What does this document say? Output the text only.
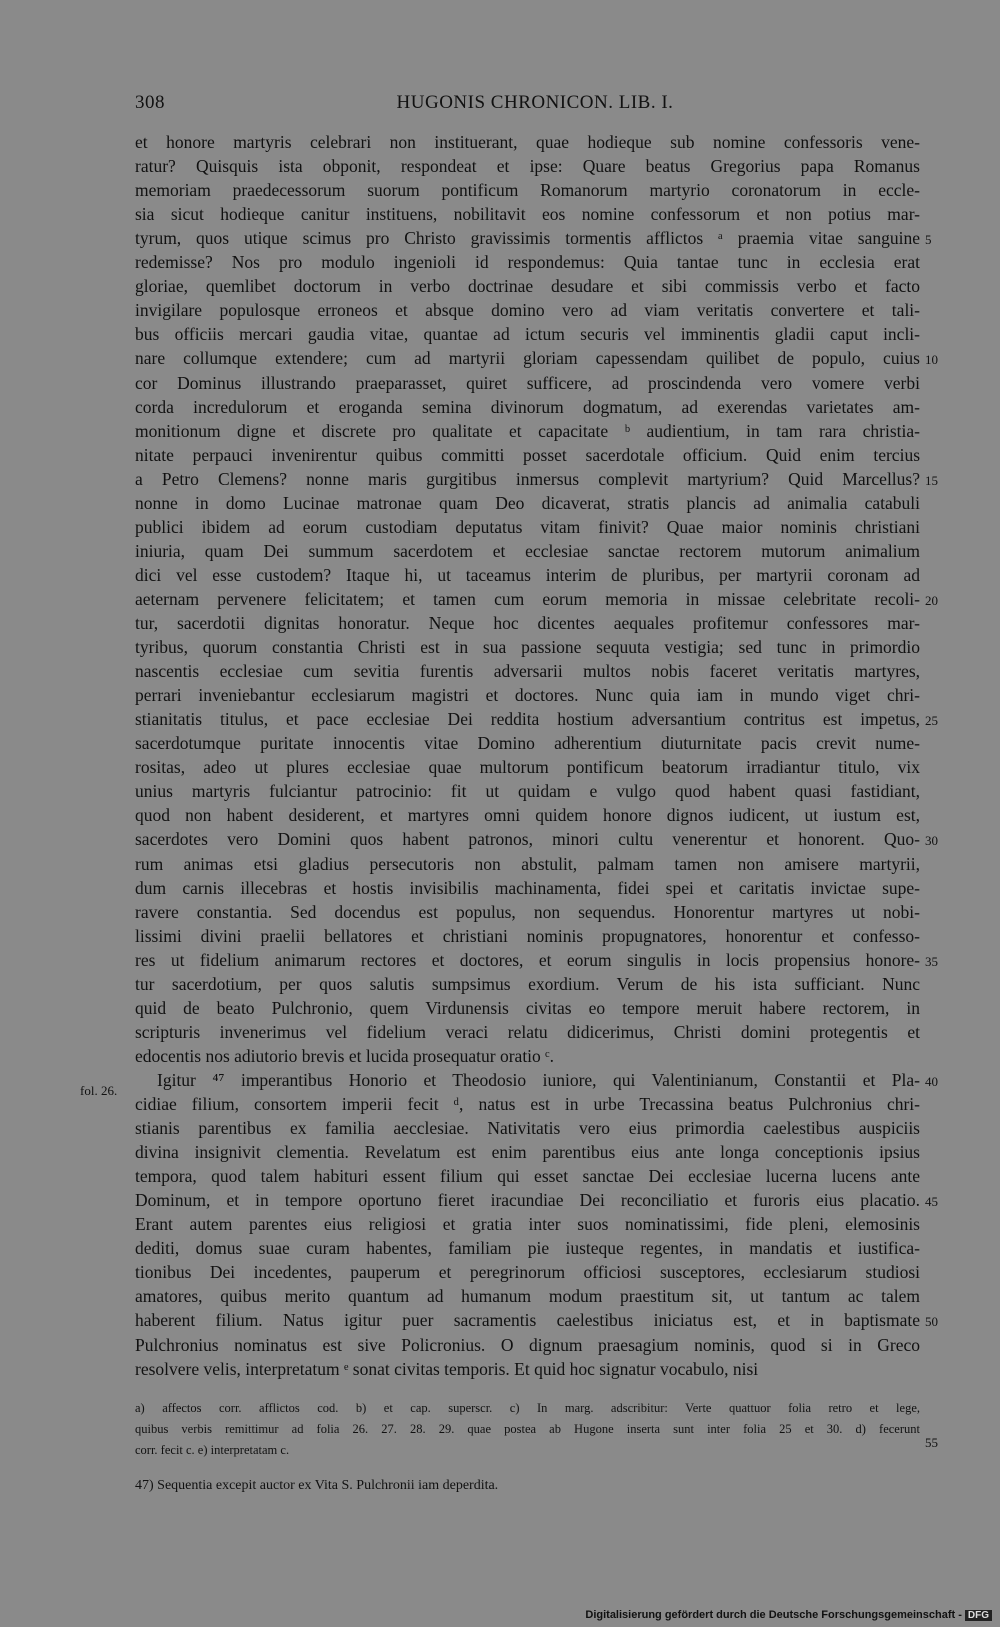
308	HUGONIS CHRONICON. LIB. I.
et honore martyris celebrari non instituerant, quae hodieque sub nomine confessoris vene-
ratur? Quisquis ista obponit, respondeat et ipse: Quare beatus Gregorius papa Romanus
memoriam praedecessorum suorum pontificum Romanorum martyrio coronatorum in eccle-
sia sicut hodieque canitur instituens, nobilitavit eos nomine confessorum et non potius mar-
tyrum, quos utique scimus pro Christo gravissimis tormentis afflictos ᵃ praemia vitae sanguine
redemisse? Nos pro modulo ingenioli id respondemus: Quia tantae tunc in ecclesia erat
gloriae, quemlibet doctorum in verbo doctrinae desudare et sibi commissis verbo et facto
invigilare populosque erroneos et absque domino vero ad viam veritatis convertere et tali-
bus officiis mercari gaudia vitae, quantae ad ictum securis vel imminentis gladii caput incli-
nare collumque extendere; cum ad martyrii gloriam capessendam quilibet de populo, cuius
cor Dominus illustrando praeparasset, quiret sufficere, ad proscindenda vero vomere verbi
corda incredulorum et eroganda semina divinorum dogmatum, ad exerendas varietates am-
monitionum digne et discrete pro qualitate et capacitate ᵇ audientium, in tam rara christia-
nitate perpauci invenirentur quibus committi posset sacerdotale officium. Quid enim tercius
a Petro Clemens? nonne maris gurgitibus inmersus complevit martyrium? Quid Marcellus?
nonne in domo Lucinae matronae quam Deo dicaverat, stratis plancis ad animalia catabuli
publici ibidem ad eorum custodiam deputatus vitam finivit? Quae maior nominis christiani
iniuria, quam Dei summum sacerdotem et ecclesiae sanctae rectorem mutorum animalium
dici vel esse custodem? Itaque hi, ut taceamus interim de pluribus, per martyrii coronam ad
aeternam pervenere felicitatem; et tamen cum eorum memoria in missae celebritate recoli-
tur, sacerdotii dignitas honoratur. Neque hoc dicentes aequales profitemur confessores mar-
tyribus, quorum constantia Christi est in sua passione sequuta vestigia; sed tunc in primordio
nascentis ecclesiae cum sevitia furentis adversarii multos nobis faceret veritatis martyres,
perrari inveniebantur ecclesiarum magistri et doctores. Nunc quia iam in mundo viget chri-
stianitatis titulus, et pace ecclesiae Dei reddita hostium adversantium contritus est impetus,
sacerdotumque puritate innocentis vitae Domino adherentium diuturnitate pacis crevit nume-
rositas, adeo ut plures ecclesiae quae multorum pontificum beatorum irradiantur titulo, vix
unius martyris fulciantur patrocinio: fit ut quidam e vulgo quod habent quasi fastidiant,
quod non habent desiderent, et martyres omni quidem honore dignos iudicent, ut iustum est,
sacerdotes vero Domini quos habent patronos, minori cultu venerentur et honorent. Quo-
rum animas etsi gladius persecutoris non abstulit, palmam tamen non amisere martyrii,
dum carnis illecebras et hostis invisibilis machinamenta, fidei spei et caritatis invictae supe-
ravere constantia. Sed docendus est populus, non sequendus. Honorentur martyres ut nobi-
lissimi divini praelii bellatores et christiani nominis propugnatores, honorentur et confesso-
res ut fidelium animarum rectores et doctores, et eorum singulis in locis propensius honore-
tur sacerdotium, per quos salutis sumpsimus exordium. Verum de his ista sufficiant. Nunc
quid de beato Pulchronio, quem Virdunensis civitas eo tempore meruit habere rectorem, in
scripturis invenerimus vel fidelium veraci relatu didicerimus, Christi domini protegentis et
edocentis nos adiutorio brevis et lucida prosequatur oratio ᶜ.
Igitur ⁴⁷ imperantibus Honorio et Theodosio iuniore, qui Valentinianum, Constantii et Pla-
cidiae filium, consortem imperii fecit ᵈ, natus est in urbe Trecassina beatus Pulchronius chri-
stianis parentibus ex familia aecclesiae. Nativitatis vero eius primordia caelestibus auspiciis
divina insignivit clementia. Revelatum est enim parentibus eius ante longa conceptionis ipsius
tempora, quod talem habituri essent filium qui esset sanctae Dei ecclesiae lucerna lucens ante
Dominum, et in tempore oportuno fieret iracundiae Dei reconciliatio et furoris eius placatio.
Erant autem parentes eius religiosi et gratia inter suos nominatissimi, fide pleni, elemosinis
dediti, domus suae curam habentes, familiam pie iusteque regentes, in mandatis et iustifica-
tionibus Dei incedentes, pauperum et peregrinorum officiosi susceptores, ecclesiarum studiosi
amatores, quibus merito quantum ad humanum modum praestitum sit, ut tantum ac talem
haberent filium. Natus igitur puer sacramentis caelestibus iniciatus est, et in baptismate
Pulchronius nominatus est sive Policronius. O dignum praesagium nominis, quod si in Greco
resolvere velis, interpretatum ᵉ sonat civitas temporis. Et quid hoc signatur vocabulo, nisi
5
10
15
20
25
30
35
40
45
50
55
fol. 26.
a) affectos corr. afflictos cod. b) et cap. superscr. c) In marg. adscribitur: Verte quattuor folia retro et lege,
quibus verbis remittimur ad folia 26. 27. 28. 29. quae postea ab Hugone inserta sunt inter folia 25 et 30. d) fecerunt
corr. fecit c. e) interpretatam c.
47) Sequentia excepit auctor ex Vita S. Pulchronii iam deperdita.
Digitalisierung gefördert durch die Deutsche Forschungsgemeinschaft - DFG
